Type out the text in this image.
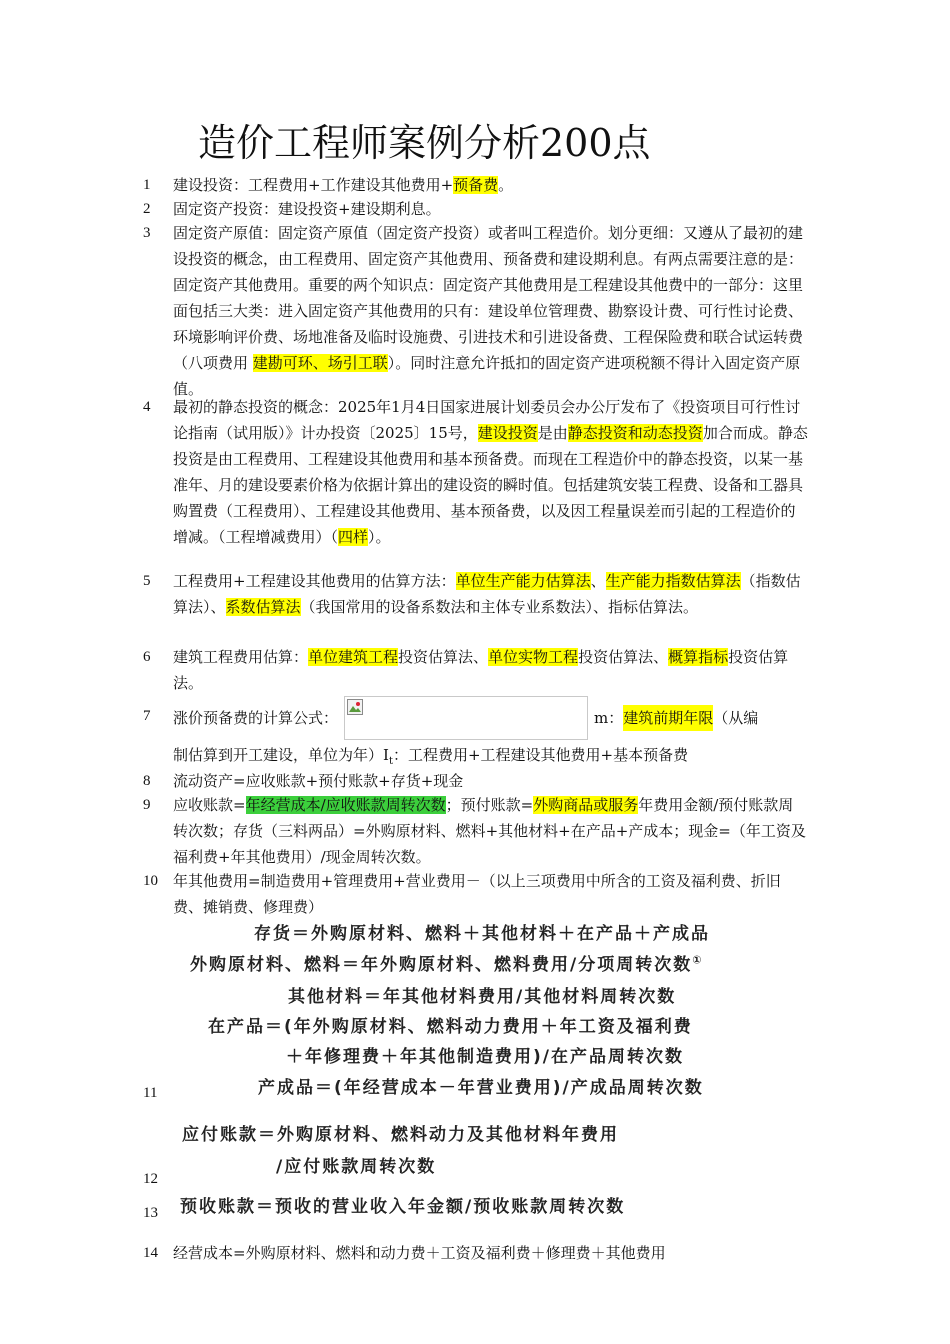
造价工程师案例分析200点
1 建设投资：工程费用+工作建设其他费用+预备费。
2 固定资产投资：建设投资+建设期利息。
3 固定资产原值：固定资产原值（固定资产投资）或者叫工程造价。划分更细：又遵从了最初的建设投资的概念，由工程费用、固定资产其他费用、预备费和建设期利息。有两点需要注意的是：固定资产其他费用。重要的两个知识点：固定资产其他费用是工程建设其他费中的一部分：这里面包括三大类：进入固定资产其他费用的只有：建设单位管理费、勘察设计费、可行性讨论费、环境影响评价费、场地准备及临时设施费、引进技术和引进设备费、工程保险费和联合试运转费（八项费用 建勘可环、场引工联）。同时注意允许抵扣的固定资产进项税额不得计入固定资产原值。
4 最初的静态投资的概念：2025年1月4日国家进展计划委员会办公厅发布了《投资项目可行性讨论指南（试用版）》计办投资〔2025〕15号，建设投资是由静态投资和动态投资加合而成。静态投资是由工程费用、工程建设其他费用和基本预备费。而现在工程造价中的静态投资，以某一基准年、月的建设要素价格为依据计算出的建设资的瞬时值。包括建筑安装工程费、设备和工器具购置费（工程费用）、工程建设其他费用、基本预备费，以及因工程量误差而引起的工程造价的增减。（工程增减费用）（四样）。
5 工程费用+工程建设其他费用的估算方法：单位生产能力估算法、生产能力指数估算法（指数估算法）、系数估算法（我国常用的设备系数法和主体专业系数法）、指标估算法。
6 建筑工程费用估算：单位建筑工程投资估算法、单位实物工程投资估算法、概算指标投资估算法。
7 涨价预备费的计算公式：	m： 建筑前期年限 （从编
制估算到开工建设，单位为年）$I_t$：工程费用+工程建设其他费用+基本预备费
8 流动资产=应收账款+预付账款+存货+现金
9 应收账款=年经营成本/应收账款周转次数；预付账款=外购商品或服务年费用金额/预付账款周转次数；存货（三料两品）=外购原材料、燃料+其他材料+在产品+产成本；现金=（年工资及福利费+年其他费用）/现金周转次数。
10 年其他费用=制造费用+管理费用+营业费用－（以上三项费用中所含的工资及福利费、折旧费、摊销费、修理费）
11
存货＝外购原材料、燃料＋其他材料＋在产品＋产成品
外购原材料、燃料＝年外购原材料、燃料费用/分项周转次数①
其他材料＝年其他材料费用/其他材料周转次数
在产品＝(年外购原材料、燃料动力费用＋年工资及福利费
＋年修理费＋年其他制造费用)/在产品周转次数
产成品＝(年经营成本－年营业费用)/产成品周转次数
12
应付账款＝外购原材料、燃料动力及其他材料年费用
/应付账款周转次数
13 预收账款＝预收的营业收入年金额/预收账款周转次数
14 经营成本=外购原材料、燃料和动力费＋工资及福利费＋修理费＋其他费用
